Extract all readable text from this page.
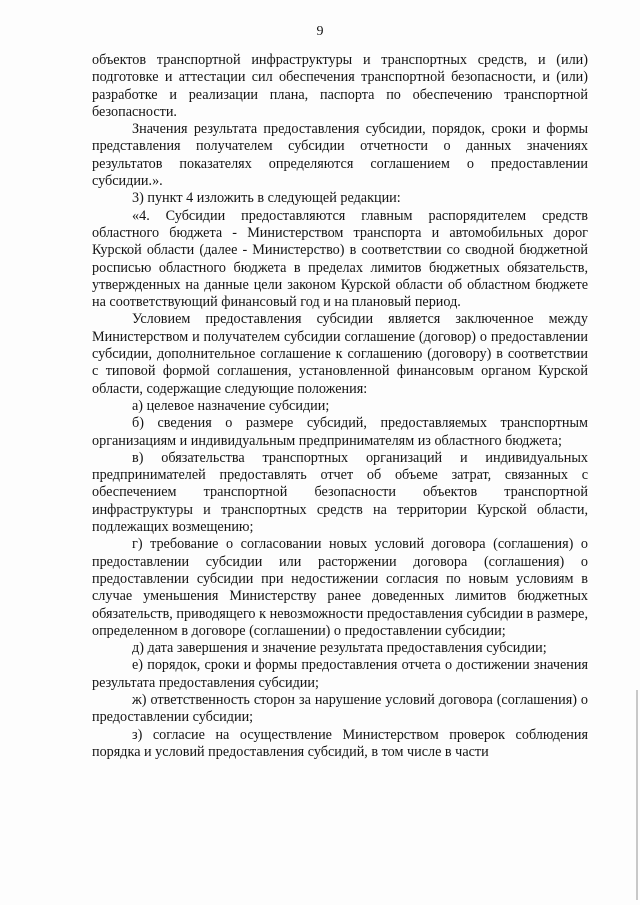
9

объектов транспортной инфраструктуры и транспортных средств, и (или) подготовке и аттестации сил обеспечения транспортной безопасности, и (или) разработке и реализации плана, паспорта по обеспечению транспортной безопасности.

Значения результата предоставления субсидии, порядок, сроки и формы представления получателем субсидии отчетности о данных значениях результатов показателях определяются соглашением о предоставлении субсидии.».

3) пункт 4 изложить в следующей редакции:

«4. Субсидии предоставляются главным распорядителем средств областного бюджета - Министерством транспорта и автомобильных дорог Курской области (далее - Министерство) в соответствии со сводной бюджетной росписью областного бюджета в пределах лимитов бюджетных обязательств, утвержденных на данные цели законом Курской области об областном бюджете на соответствующий финансовый год и на плановый период.

Условием предоставления субсидии является заключенное между Министерством и получателем субсидии соглашение (договор) о предоставлении субсидии, дополнительное соглашение к соглашению (договору) в соответствии с типовой формой соглашения, установленной финансовым органом Курской области, содержащие следующие положения:

а) целевое назначение субсидии;

б) сведения о размере субсидий, предоставляемых транспортным организациям и индивидуальным предпринимателям из областного бюджета;

в) обязательства транспортных организаций и индивидуальных предпринимателей предоставлять отчет об объеме затрат, связанных с обеспечением транспортной безопасности объектов транспортной инфраструктуры и транспортных средств на территории Курской области, подлежащих возмещению;

г) требование о согласовании новых условий договора (соглашения) о предоставлении субсидии или расторжении договора (соглашения) о предоставлении субсидии при недостижении согласия по новым условиям в случае уменьшения Министерству ранее доведенных лимитов бюджетных обязательств, приводящего к невозможности предоставления субсидии в размере, определенном в договоре (соглашении) о предоставлении субсидии;

д) дата завершения и значение результата предоставления субсидии;

е) порядок, сроки и формы предоставления отчета о достижении значения результата предоставления субсидии;

ж) ответственность сторон за нарушение условий договора (соглашения) о предоставлении субсидии;

з) согласие на осуществление Министерством проверок соблюдения порядка и условий предоставления субсидий, в том числе в части
